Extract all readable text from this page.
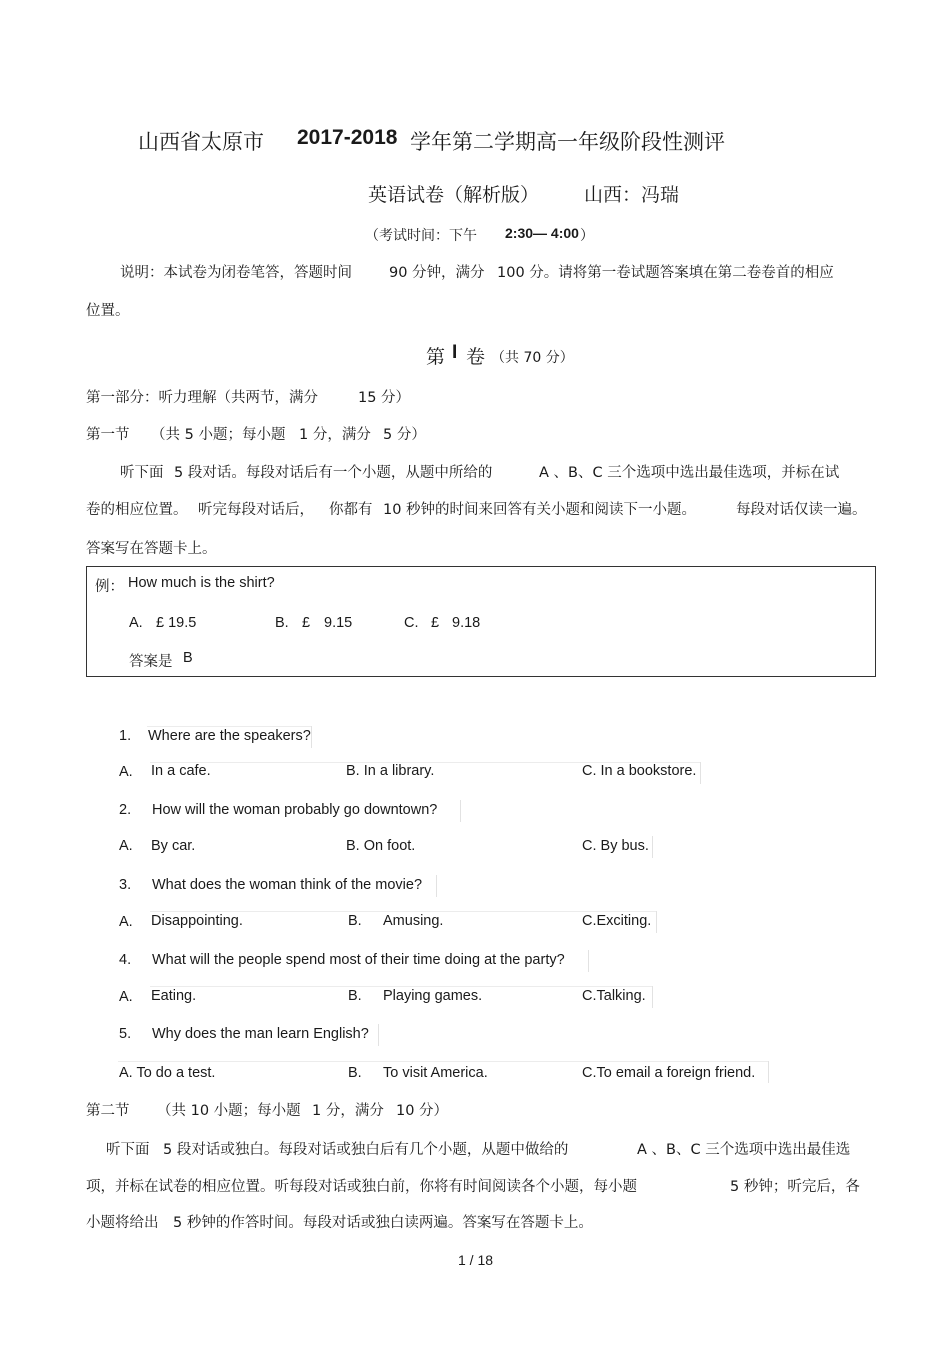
山西省太原市 2017-2018 学年第二学期高一年级阶段性测评
英语试卷（解析版） 山西：冯瑞
（考试时间：下午 2:30— 4:00 ）
说明：本试卷为闭卷笔答，答题时间	90 分钟，满分 100 分。请将第一卷试题答案填在第二卷卷首的相应
位置。
第 I 卷 （共 70 分）
第一部分：听力理解（共两节，满分	15 分）
第一节 （共 5 小题；每小题 1 分，满分 5 分）
听下面 5 段对话。每段对话后有一个小题，从题中所给的	A 、B、C 三个选项中选出最佳选项，并标在试
卷的相应位置。 听完每段对话后， 你都有 10 秒钟的时间来回答有关小题和阅读下一小题。	每段对话仅读一遍。
答案写在答题卡上。
例： How much is the shirt?
A. £ 19.5	B. £ 9.15	C. £ 9.18
答案是 B
1. Where are the speakers?
A. In a cafe.	B. In a library.	C. In a bookstore.
2. How will the woman probably go downtown?
A. By car.	B. On foot.	C. By bus.
3. What does the woman think of the movie?
A. Disappointing.	B. Amusing.	C.Exciting.
4. What will the people spend most of their time doing at the party?
A. Eating.	B. Playing games.	C.Talking.
5. Why does the man learn English?
A. To do a test.	B. To visit America.	C.To email a foreign friend.
第二节 （共 10 小题；每小题 1 分，满分 10 分）
听下面 5 段对话或独白。每段对话或独白后有几个小题，从题中做给的	A 、B、C 三个选项中选出最佳选
项，并标在试卷的相应位置。听每段对话或独白前，你将有时间阅读各个小题，每小题	5 秒钟；听完后，各
小题将给出 5 秒钟的作答时间。每段对话或独白读两遍。答案写在答题卡上。
1 / 18
